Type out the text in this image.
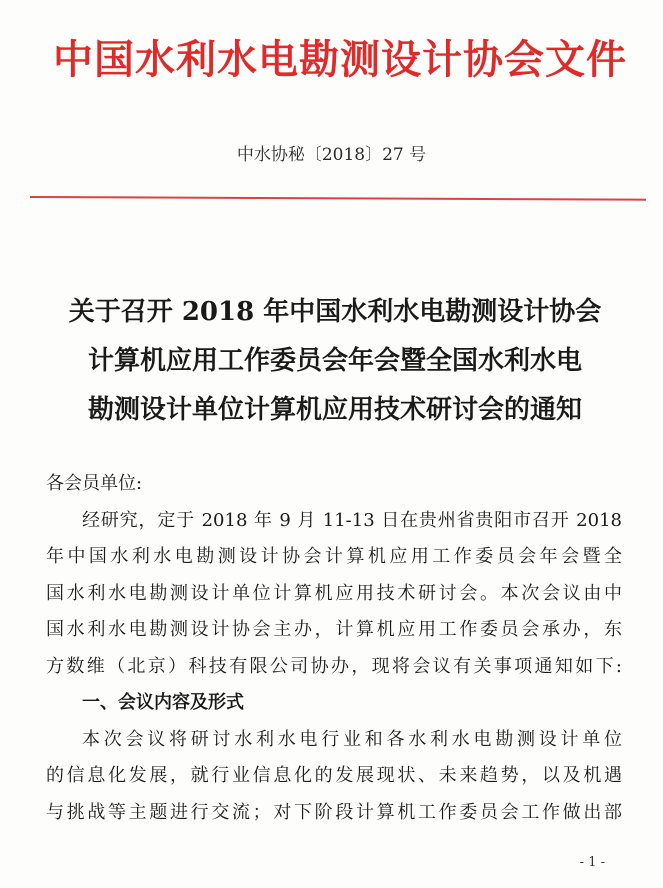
中国水利水电勘测设计协会文件
中水协秘〔2018〕27 号
关于召开 2018 年中国水利水电勘测设计协会
计算机应用工作委员会年会暨全国水利水电
勘测设计单位计算机应用技术研讨会的通知
各会员单位:
经研究，定于 2018 年 9 月 11-13 日在贵州省贵阳市召开 2018
年中国水利水电勘测设计协会计算机应用工作委员会年会暨全
国水利水电勘测设计单位计算机应用技术研讨会。本次会议由中
国水利水电勘测设计协会主办，计算机应用工作委员会承办，东
方数维（北京）科技有限公司协办，现将会议有关事项通知如下:
一、会议内容及形式
本次会议将研讨水利水电行业和各水利水电勘测设计单位
的信息化发展，就行业信息化的发展现状、未来趋势，以及机遇
与挑战等主题进行交流；对下阶段计算机工作委员会工作做出部
- 1 -
